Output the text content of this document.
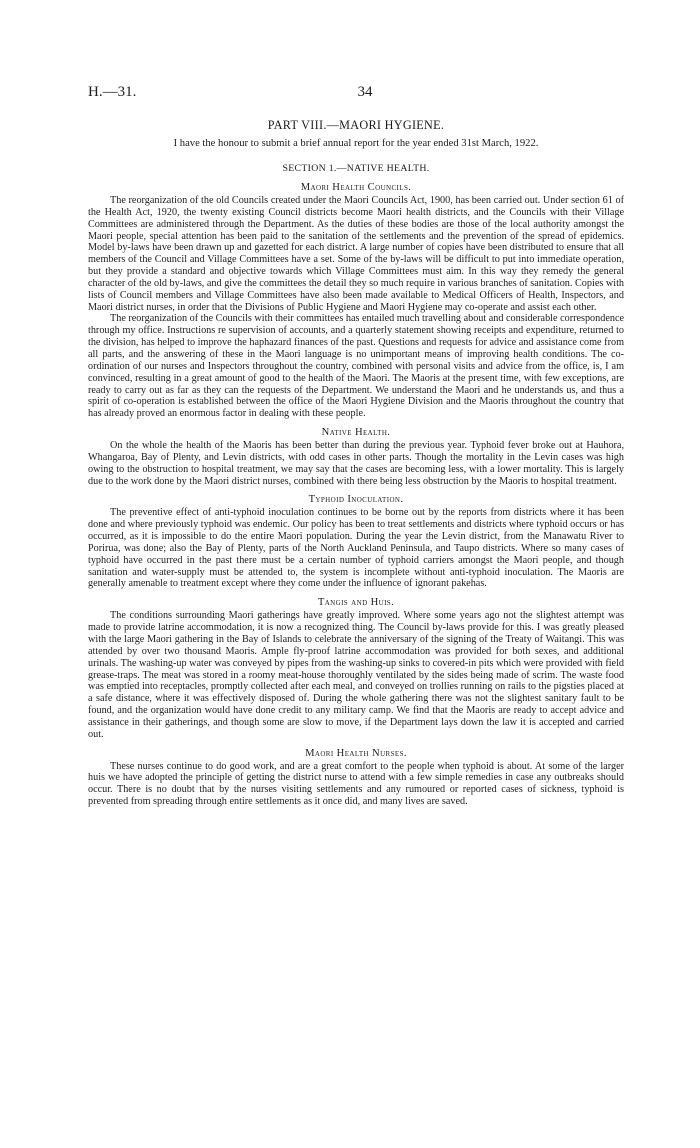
H.—31.	34
PART VIII.—MAORI HYGIENE.
I have the honour to submit a brief annual report for the year ended 31st March, 1922.
SECTION 1.—NATIVE HEALTH.
Maori Health Councils.

The reorganization of the old Councils created under the Maori Councils Act, 1900, has been carried out. Under section 61 of the Health Act, 1920, the twenty existing Council districts become Maori health districts, and the Councils with their Village Committees are administered through the Department. As the duties of these bodies are those of the local authority amongst the Maori people, special attention has been paid to the sanitation of the settlements and the prevention of the spread of epidemics. Model by-laws have been drawn up and gazetted for each district. A large number of copies have been distributed to ensure that all members of the Council and Village Committees have a set. Some of the by-laws will be difficult to put into immediate operation, but they provide a standard and objective towards which Village Committees must aim. In this way they remedy the general character of the old by-laws, and give the committees the detail they so much require in various branches of sanitation. Copies with lists of Council members and Village Committees have also been made available to Medical Officers of Health, Inspectors, and Maori district nurses, in order that the Divisions of Public Hygiene and Maori Hygiene may co-operate and assist each other.

The reorganization of the Councils with their committees has entailed much travelling about and considerable correspondence through my office. Instructions re supervision of accounts, and a quarterly statement showing receipts and expenditure, returned to the division, has helped to improve the haphazard finances of the past. Questions and requests for advice and assistance come from all parts, and the answering of these in the Maori language is no unimportant means of improving health conditions. The co-ordination of our nurses and Inspectors throughout the country, combined with personal visits and advice from the office, is, I am convinced, resulting in a great amount of good to the health of the Maori. The Maoris at the present time, with few exceptions, are ready to carry out as far as they can the requests of the Department. We understand the Maori and he understands us, and thus a spirit of co-operation is established between the office of the Maori Hygiene Division and the Maoris throughout the country that has already proved an enormous factor in dealing with these people.

Native Health.

On the whole the health of the Maoris has been better than during the previous year. Typhoid fever broke out at Hauhora, Whangaroa, Bay of Plenty, and Levin districts, with odd cases in other parts. Though the mortality in the Levin cases was high owing to the obstruction to hospital treatment, we may say that the cases are becoming less, with a lower mortality. This is largely due to the work done by the Maori district nurses, combined with there being less obstruction by the Maoris to hospital treatment.

Typhoid Inoculation.

The preventive effect of anti-typhoid inoculation continues to be borne out by the reports from districts where it has been done and where previously typhoid was endemic. Our policy has been to treat settlements and districts where typhoid occurs or has occurred, as it is impossible to do the entire Maori population. During the year the Levin district, from the Manawatu River to Porirua, was done; also the Bay of Plenty, parts of the North Auckland Peninsula, and Taupo districts. Where so many cases of typhoid have occurred in the past there must be a certain number of typhoid carriers amongst the Maori people, and though sanitation and water-supply must be attended to, the system is incomplete without anti-typhoid inoculation. The Maoris are generally amenable to treatment except where they come under the influence of ignorant pakehas.

Tangis and Huis.

The conditions surrounding Maori gatherings have greatly improved. Where some years ago not the slightest attempt was made to provide latrine accommodation, it is now a recognized thing. The Council by-laws provide for this. I was greatly pleased with the large Maori gathering in the Bay of Islands to celebrate the anniversary of the signing of the Treaty of Waitangi. This was attended by over two thousand Maoris. Ample fly-proof latrine accommodation was provided for both sexes, and additional urinals. The washing-up water was conveyed by pipes from the washing-up sinks to covered-in pits which were provided with field grease-traps. The meat was stored in a roomy meat-house thoroughly ventilated by the sides being made of scrim. The waste food was emptied into receptacles, promptly collected after each meal, and conveyed on trollies running on rails to the pigsties placed at a safe distance, where it was effectively disposed of. During the whole gathering there was not the slightest sanitary fault to be found, and the organization would have done credit to any military camp. We find that the Maoris are ready to accept advice and assistance in their gatherings, and though some are slow to move, if the Department lays down the law it is accepted and carried out.

Maori Health Nurses.

These nurses continue to do good work, and are a great comfort to the people when typhoid is about. At some of the larger huis we have adopted the principle of getting the district nurse to attend with a few simple remedies in case any outbreaks should occur. There is no doubt that by the nurses visiting settlements and any rumoured or reported cases of sickness, typhoid is prevented from spreading through entire settlements as it once did, and many lives are saved.
